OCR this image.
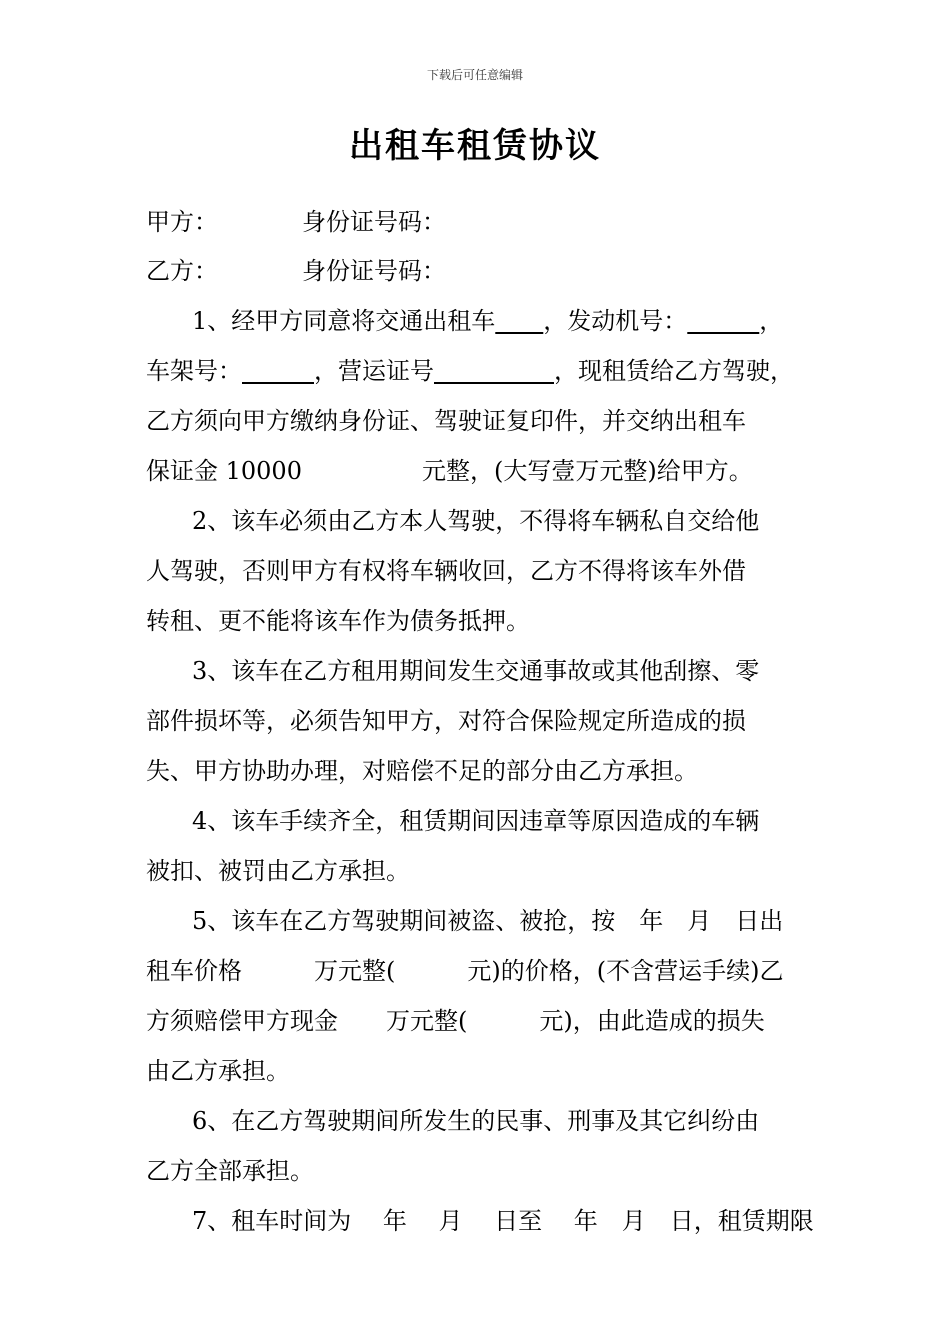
下载后可任意编辑
出租车租赁协议
甲方：	身份证号码：
乙方：	身份证号码：
1、经甲方同意将交通出租车   ，发动机号：   	，
车架号：   	，营运证号     	，现租赁给乙方驾驶，
乙方须向甲方缴纳身份证、驾驶证复印件，并交纳出租车
保证金 10000	元整，(大写壹万元整)给甲方。
2、该车必须由乙方本人驾驶，不得将车辆私自交给他
人驾驶，否则甲方有权将车辆收回，乙方不得将该车外借
转租、更不能将该车作为债务抵押。
3、该车在乙方租用期间发生交通事故或其他刮擦、零
部件损坏等，必须告知甲方，对符合保险规定所造成的损
失、甲方协助办理，对赔偿不足的部分由乙方承担。
4、该车手续齐全，租赁期间因违章等原因造成的车辆
被扣、被罚由乙方承担。
5、该车在乙方驾驶期间被盗、被抢，按　年　月　日出
租车价格　　　万元整(　　　元)的价格，(不含营运手续)乙
方须赔偿甲方现金　　万元整(　　　元)，由此造成的损失
由乙方承担。
6、在乙方驾驶期间所发生的民事、刑事及其它纠纷由
乙方全部承担。
7、租车时间为　 年　 月　 日至　 年　月　日，租赁期限
